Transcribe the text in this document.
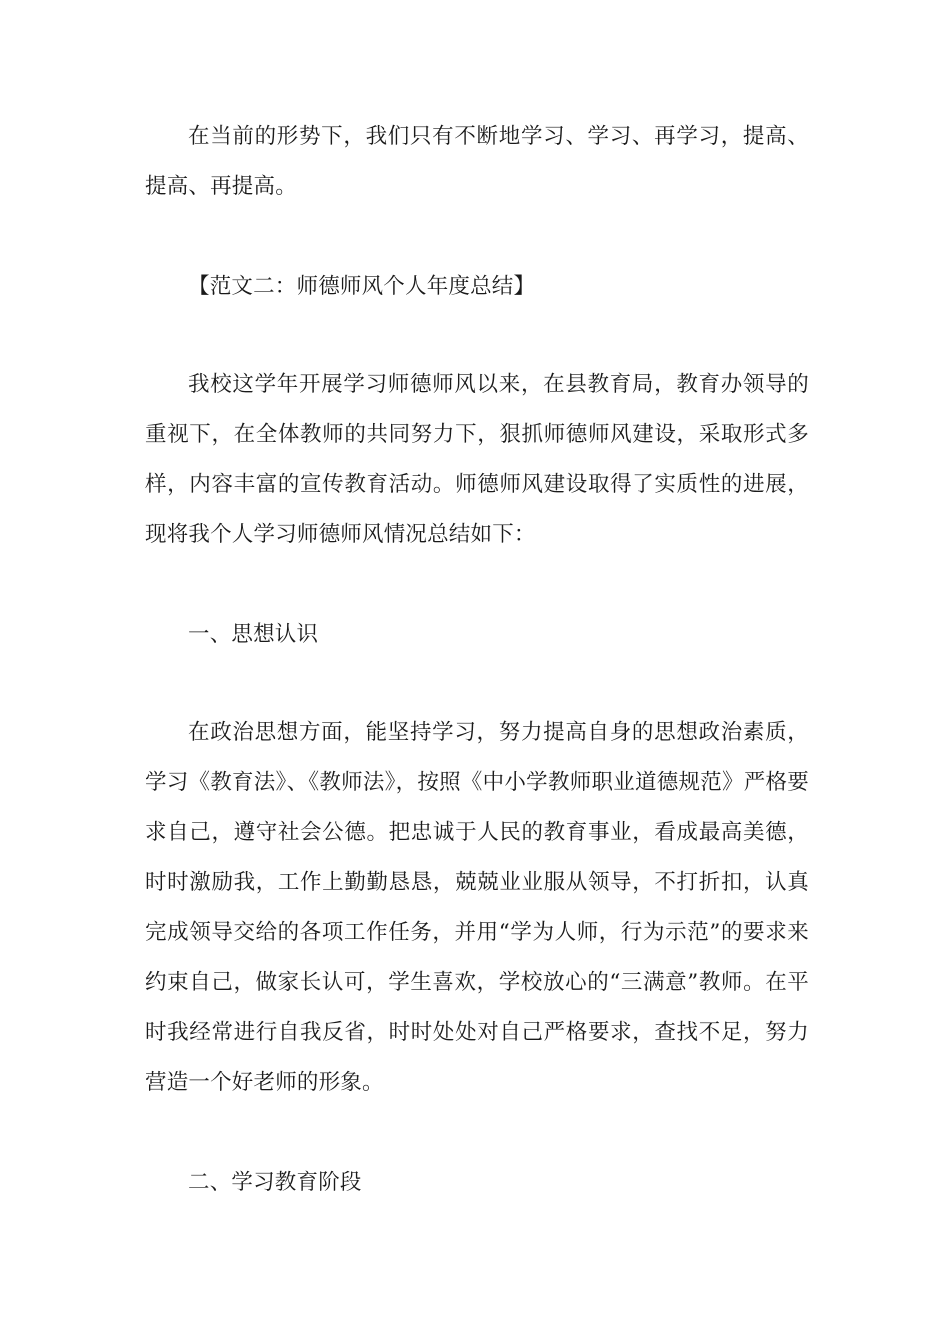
在当前的形势下，我们只有不断地学习、学习、再学习，提高、提高、再提高。

【范文二：师德师风个人年度总结】

我校这学年开展学习师德师风以来，在县教育局，教育办领导的重视下，在全体教师的共同努力下，狠抓师德师风建设，采取形式多样，内容丰富的宣传教育活动。师德师风建设取得了实质性的进展，现将我个人学习师德师风情况总结如下：

一、思想认识

在政治思想方面，能坚持学习，努力提高自身的思想政治素质，学习《教育法》、《教师法》，按照《中小学教师职业道德规范》严格要求自己，遵守社会公德。把忠诚于人民的教育事业，看成最高美德，时时激励我，工作上勤勤恳恳，兢兢业业服从领导，不打折扣，认真完成领导交给的各项工作任务，并用“学为人师，行为示范”的要求来约束自己，做家长认可，学生喜欢，学校放心的“三满意”教师。在平时我经常进行自我反省，时时处处对自己严格要求，查找不足，努力营造一个好老师的形象。

二、学习教育阶段
